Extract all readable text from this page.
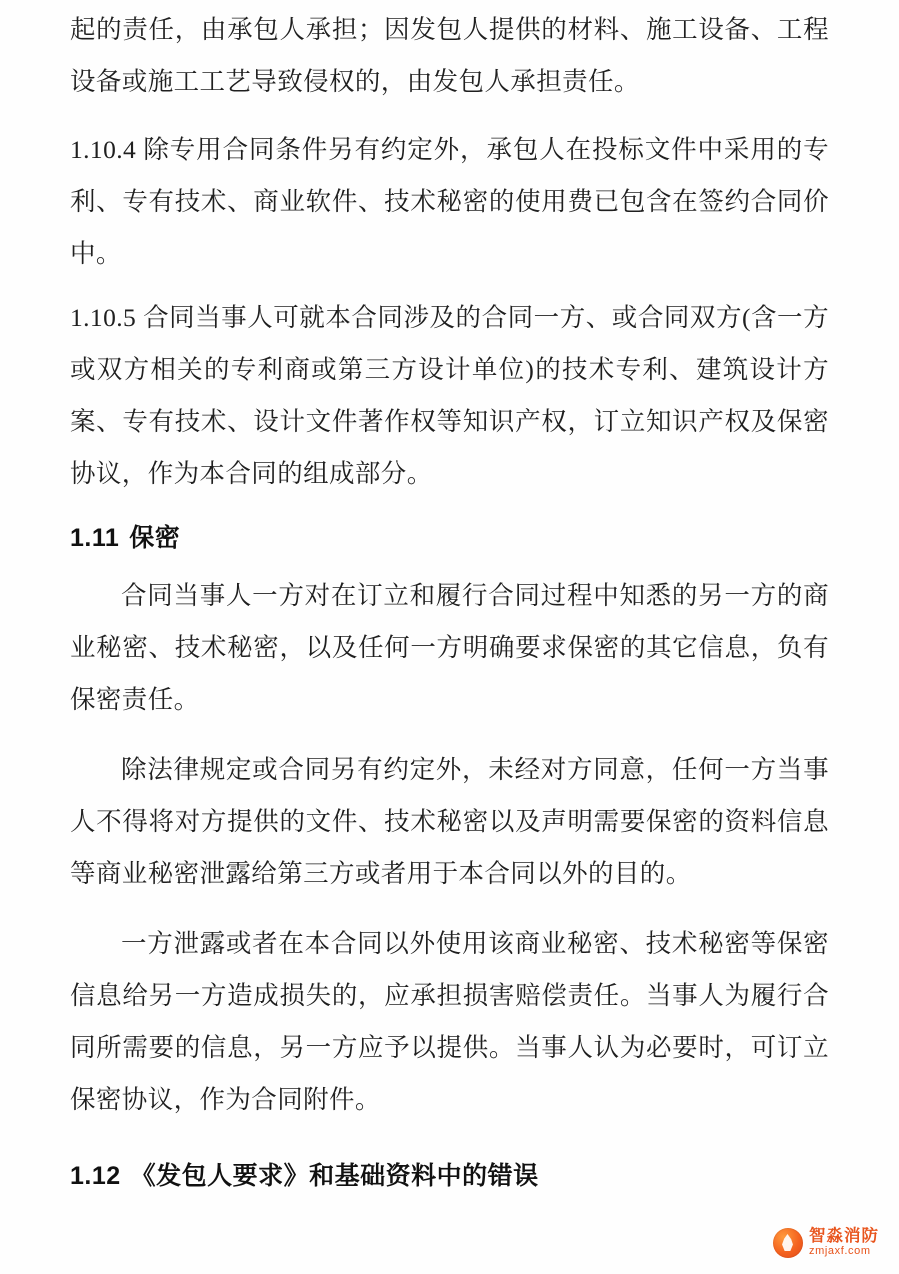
起的责任，由承包人承担；因发包人提供的材料、施工设备、工程设备或施工工艺导致侵权的，由发包人承担责任。

1.10.4 除专用合同条件另有约定外，承包人在投标文件中采用的专利、专有技术、商业软件、技术秘密的使用费已包含在签约合同价中。

1.10.5 合同当事人可就本合同涉及的合同一方、或合同双方(含一方或双方相关的专利商或第三方设计单位)的技术专利、建筑设计方案、专有技术、设计文件著作权等知识产权，订立知识产权及保密协议，作为本合同的组成部分。

1.11 保密

合同当事人一方对在订立和履行合同过程中知悉的另一方的商业秘密、技术秘密，以及任何一方明确要求保密的其它信息，负有保密责任。

除法律规定或合同另有约定外，未经对方同意，任何一方当事人不得将对方提供的文件、技术秘密以及声明需要保密的资料信息等商业秘密泄露给第三方或者用于本合同以外的目的。

一方泄露或者在本合同以外使用该商业秘密、技术秘密等保密信息给另一方造成损失的，应承担损害赔偿责任。当事人为履行合同所需要的信息，另一方应予以提供。当事人认为必要时，可订立保密协议，作为合同附件。

1.12 《发包人要求》和基础资料中的错误
智淼消防
zmjaxf.com
